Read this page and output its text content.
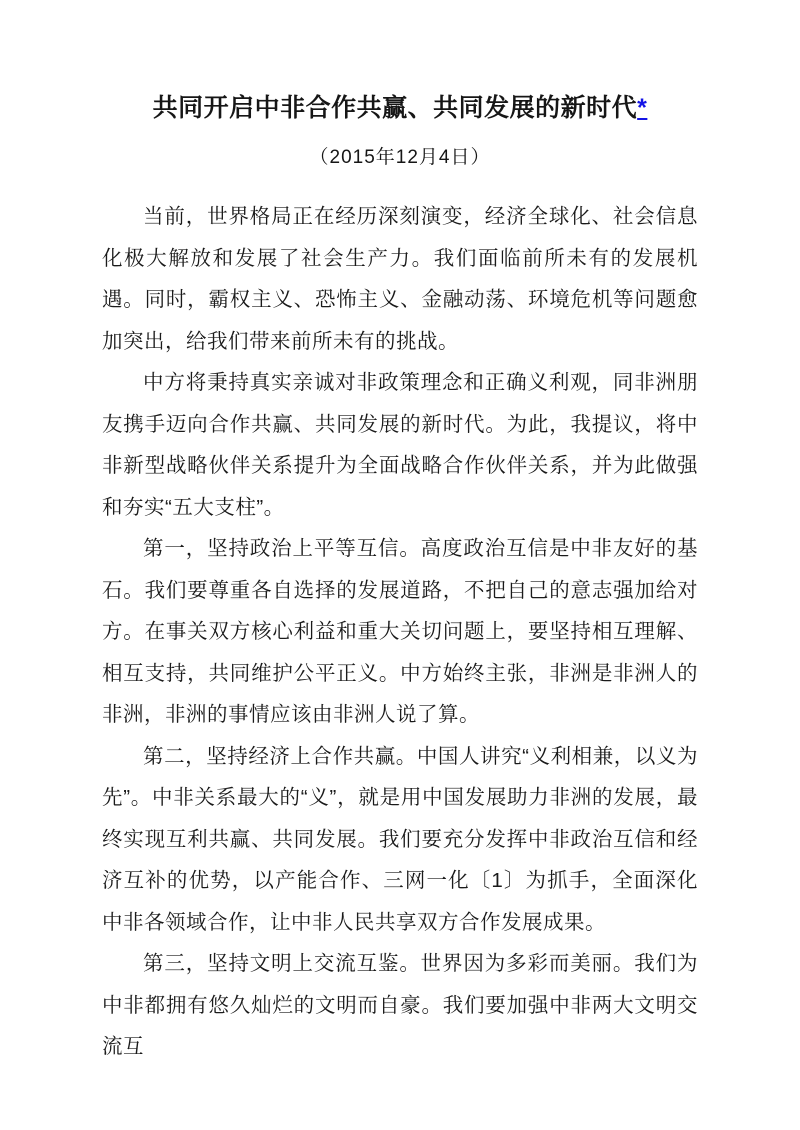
共同开启中非合作共赢、共同发展的新时代*
（2015年12月4日）

当前，世界格局正在经历深刻演变，经济全球化、社会信息化极大解放和发展了社会生产力。我们面临前所未有的发展机遇。同时，霸权主义、恐怖主义、金融动荡、环境危机等问题愈加突出，给我们带来前所未有的挑战。

中方将秉持真实亲诚对非政策理念和正确义利观，同非洲朋友携手迈向合作共赢、共同发展的新时代。为此，我提议，将中非新型战略伙伴关系提升为全面战略合作伙伴关系，并为此做强和夯实“五大支柱”。

第一，坚持政治上平等互信。高度政治互信是中非友好的基石。我们要尊重各自选择的发展道路，不把自己的意志强加给对方。在事关双方核心利益和重大关切问题上，要坚持相互理解、相互支持，共同维护公平正义。中方始终主张，非洲是非洲人的非洲，非洲的事情应该由非洲人说了算。

第二，坚持经济上合作共赢。中国人讲究“义利相兼，以义为先”。中非关系最大的“义”，就是用中国发展助力非洲的发展，最终实现互利共赢、共同发展。我们要充分发挥中非政治互信和经济互补的优势，以产能合作、三网一化〔1〕为抓手，全面深化中非各领域合作，让中非人民共享双方合作发展成果。

第三，坚持文明上交流互鉴。世界因为多彩而美丽。我们为中非都拥有悠久灿烂的文明而自豪。我们要加强中非两大文明交流互
